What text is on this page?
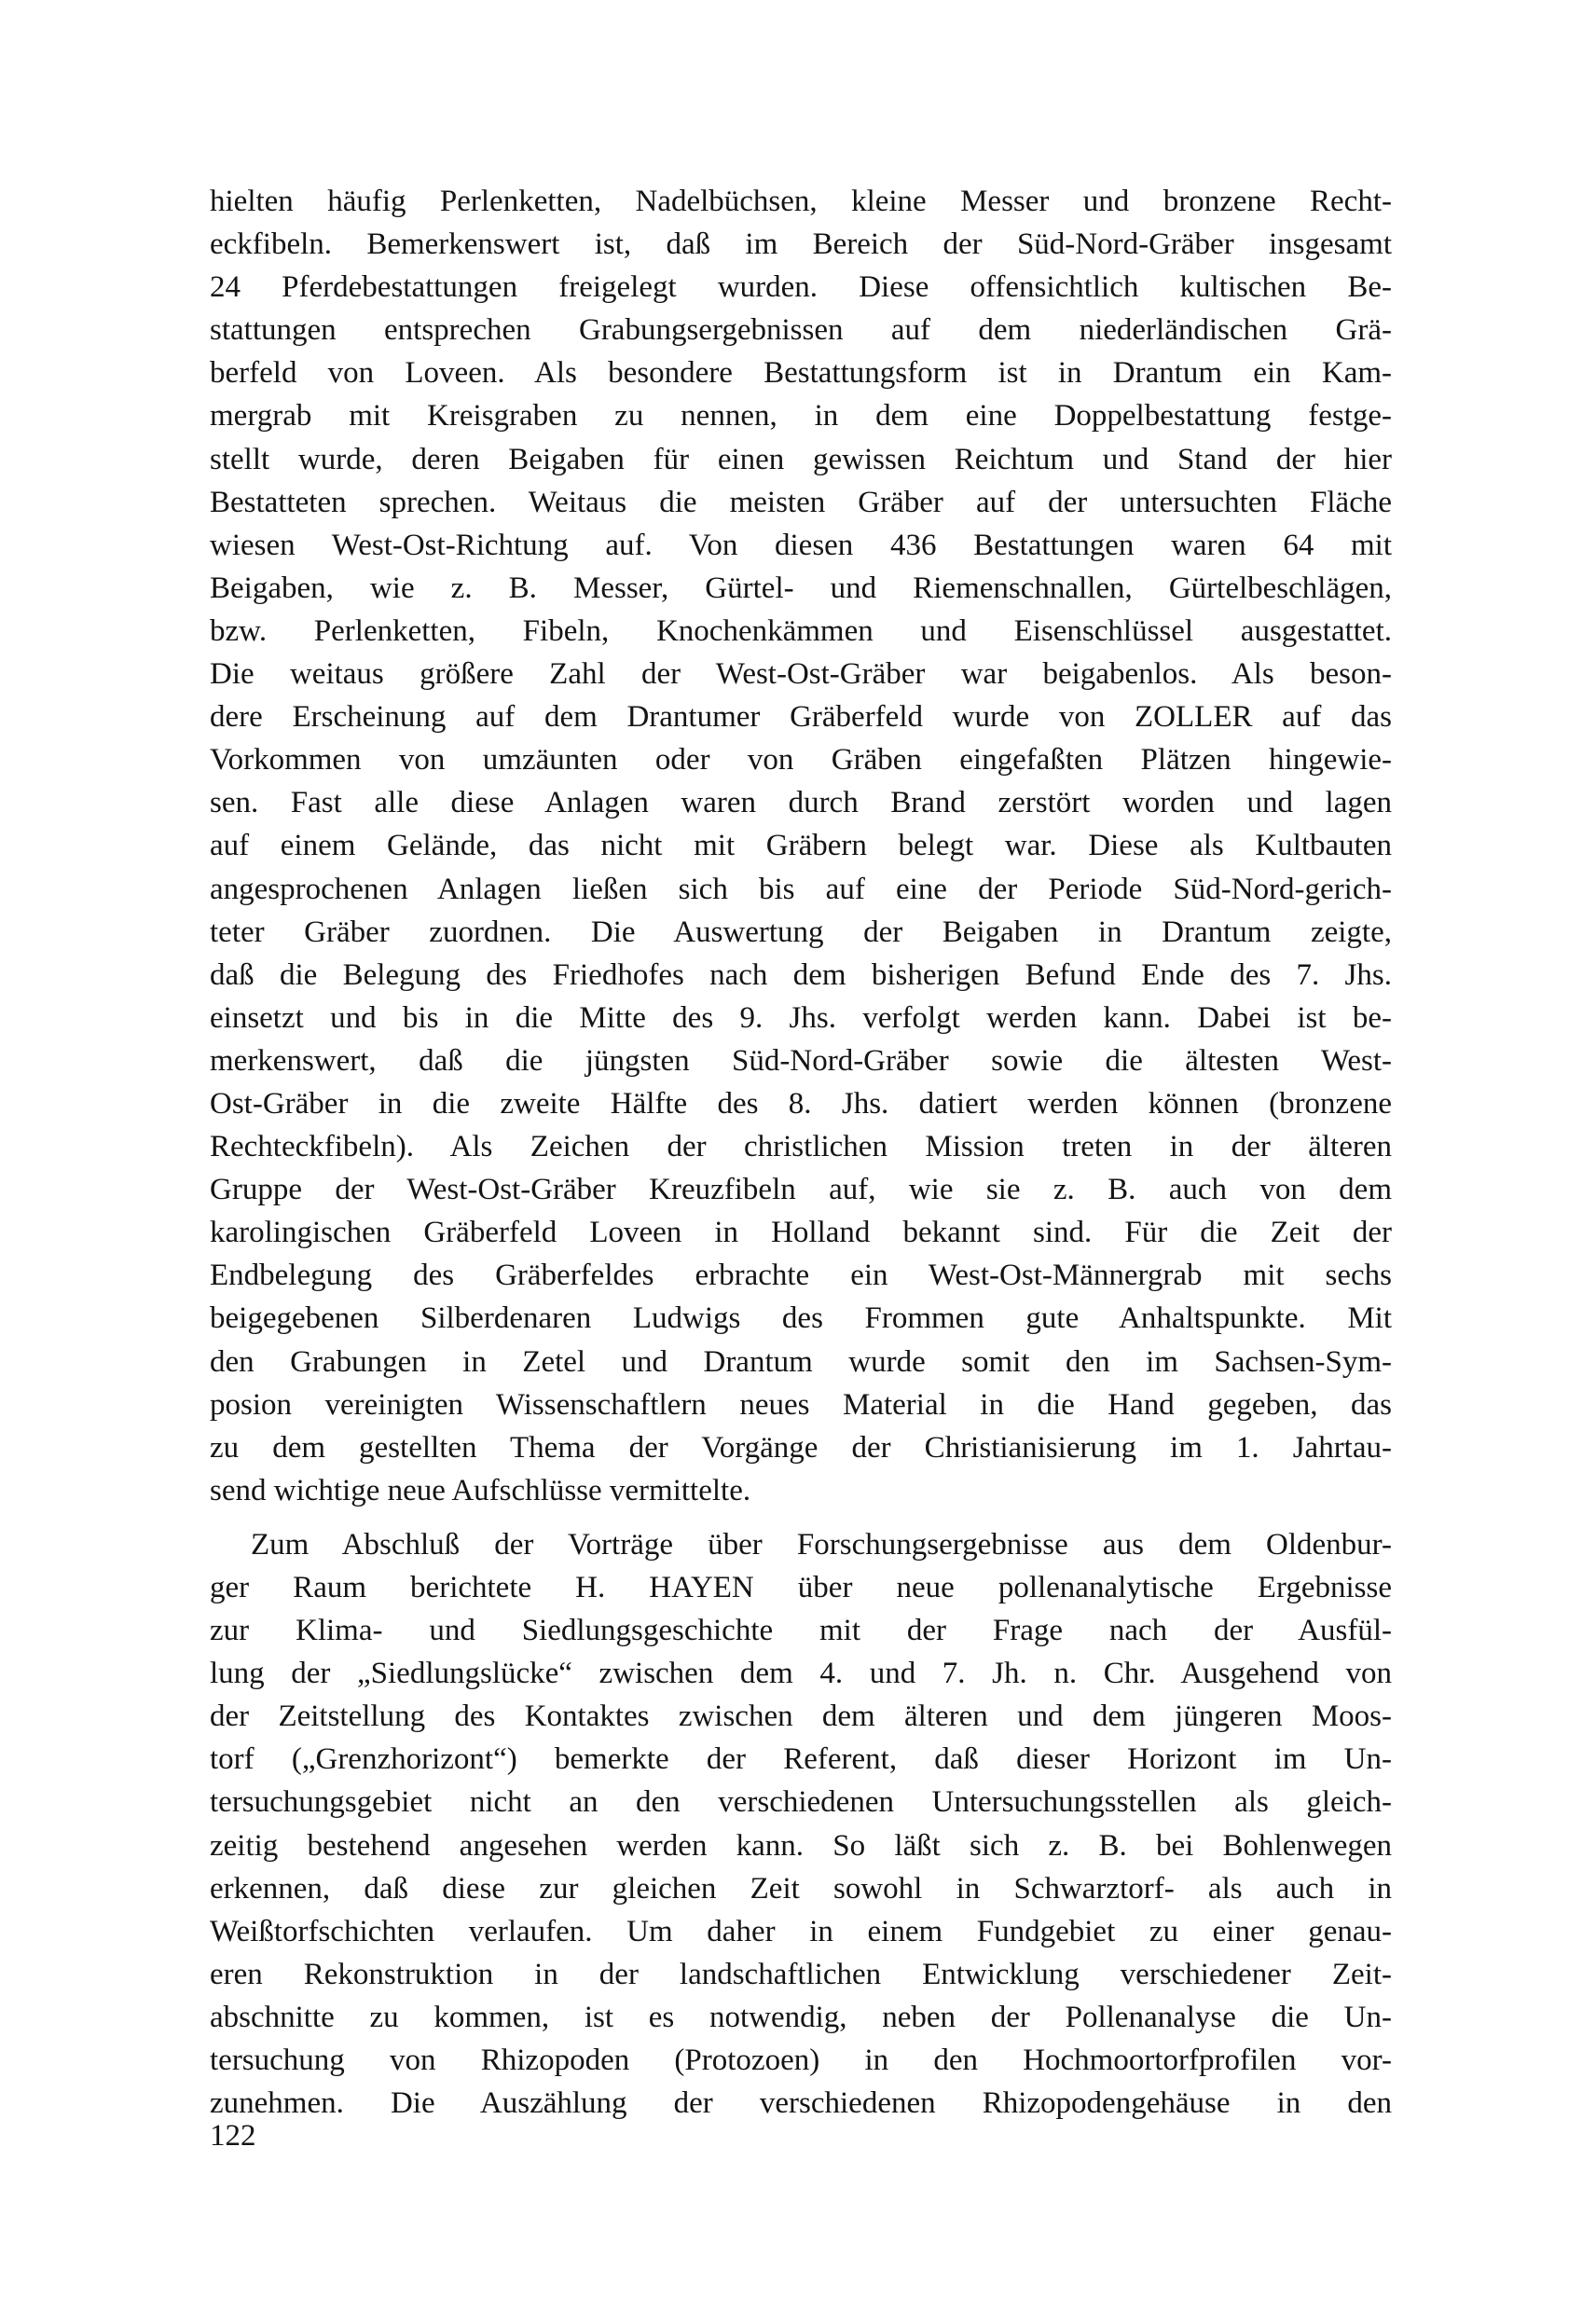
hielten häufig Perlenketten, Nadelbüchsen, kleine Messer und bronzene Recht-
eckfibeln. Bemerkenswert ist, daß im Bereich der Süd-Nord-Gräber insgesamt
24 Pferdebestattungen freigelegt wurden. Diese offensichtlich kultischen Be-
stattungen entsprechen Grabungsergebnissen auf dem niederländischen Grä-
berfeld von Loveen. Als besondere Bestattungsform ist in Drantum ein Kam-
mergrab mit Kreisgraben zu nennen, in dem eine Doppelbestattung festge-
stellt wurde, deren Beigaben für einen gewissen Reichtum und Stand der hier
Bestatteten sprechen. Weitaus die meisten Gräber auf der untersuchten Fläche
wiesen West-Ost-Richtung auf. Von diesen 436 Bestattungen waren 64 mit
Beigaben, wie z. B. Messer, Gürtel- und Riemenschnallen, Gürtelbeschlägen,
bzw. Perlenketten, Fibeln, Knochenkämmen und Eisenschlüssel ausgestattet.
Die weitaus größere Zahl der West-Ost-Gräber war beigabenlos. Als beson-
dere Erscheinung auf dem Drantumer Gräberfeld wurde von ZOLLER auf das
Vorkommen von umzäunten oder von Gräben eingefaßten Plätzen hingewie-
sen. Fast alle diese Anlagen waren durch Brand zerstört worden und lagen
auf einem Gelände, das nicht mit Gräbern belegt war. Diese als Kultbauten
angesprochenen Anlagen ließen sich bis auf eine der Periode Süd-Nord-gerich-
teter Gräber zuordnen. Die Auswertung der Beigaben in Drantum zeigte,
daß die Belegung des Friedhofes nach dem bisherigen Befund Ende des 7. Jhs.
einsetzt und bis in die Mitte des 9. Jhs. verfolgt werden kann. Dabei ist be-
merkenswert, daß die jüngsten Süd-Nord-Gräber sowie die ältesten West-
Ost-Gräber in die zweite Hälfte des 8. Jhs. datiert werden können (bronzene
Rechteckfibeln). Als Zeichen der christlichen Mission treten in der älteren
Gruppe der West-Ost-Gräber Kreuzfibeln auf, wie sie z. B. auch von dem
karolingischen Gräberfeld Loveen in Holland bekannt sind. Für die Zeit der
Endbelegung des Gräberfeldes erbrachte ein West-Ost-Männergrab mit sechs
beigegebenen Silberdenaren Ludwigs des Frommen gute Anhaltspunkte. Mit
den Grabungen in Zetel und Drantum wurde somit den im Sachsen-Sym-
posion vereinigten Wissenschaftlern neues Material in die Hand gegeben, das
zu dem gestellten Thema der Vorgänge der Christianisierung im 1. Jahrtau-
send wichtige neue Aufschlüsse vermittelte.
Zum Abschluß der Vorträge über Forschungsergebnisse aus dem Oldenbur-
ger Raum berichtete H. HAYEN über neue pollenanalytische Ergebnisse
zur Klima- und Siedlungsgeschichte mit der Frage nach der Ausfül-
lung der „Siedlungslücke“ zwischen dem 4. und 7. Jh. n. Chr. Ausgehend von
der Zeitstellung des Kontaktes zwischen dem älteren und dem jüngeren Moos-
torf („Grenzhorizont“) bemerkte der Referent, daß dieser Horizont im Un-
tersuchungsgebiet nicht an den verschiedenen Untersuchungsstellen als gleich-
zeitig bestehend angesehen werden kann. So läßt sich z. B. bei Bohlenwegen
erkennen, daß diese zur gleichen Zeit sowohl in Schwarztorf- als auch in
Weißtorfschichten verlaufen. Um daher in einem Fundgebiet zu einer genau-
eren Rekonstruktion in der landschaftlichen Entwicklung verschiedener Zeit-
abschnitte zu kommen, ist es notwendig, neben der Pollenanalyse die Un-
tersuchung von Rhizopoden (Protozoen) in den Hochmoortorfprofilen vor-
zunehmen. Die Auszählung der verschiedenen Rhizopodengehäuse in den
122
